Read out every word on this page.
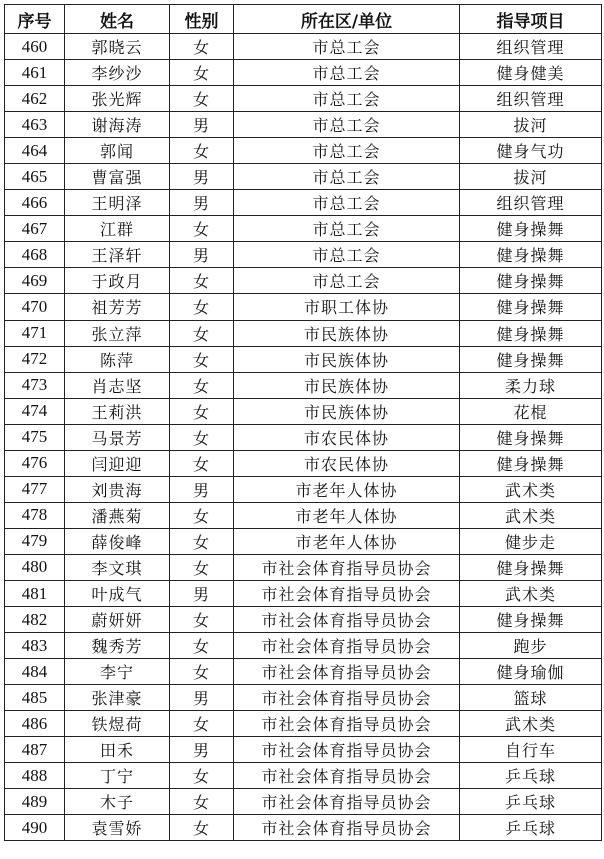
序号	姓名	性别	所在区/单位	指导项目
460	郭晓云	女	市总工会	组织管理
461	李纱沙	女	市总工会	健身健美
462	张光辉	女	市总工会	组织管理
463	谢海涛	男	市总工会	拔河
464	郭闻	女	市总工会	健身气功
465	曹富强	男	市总工会	拔河
466	王明泽	男	市总工会	组织管理
467	江群	女	市总工会	健身操舞
468	王泽轩	男	市总工会	健身操舞
469	于政月	女	市总工会	健身操舞
470	祖芳芳	女	市职工体协	健身操舞
471	张立萍	女	市民族体协	健身操舞
472	陈萍	女	市民族体协	健身操舞
473	肖志坚	女	市民族体协	柔力球
474	王莉洪	女	市民族体协	花棍
475	马景芳	女	市农民体协	健身操舞
476	闫迎迎	女	市农民体协	健身操舞
477	刘贵海	男	市老年人体协	武术类
478	潘燕菊	女	市老年人体协	武术类
479	薛俊峰	女	市老年人体协	健步走
480	李文琪	女	市社会体育指导员协会	健身操舞
481	叶成气	男	市社会体育指导员协会	武术类
482	蔚妍妍	女	市社会体育指导员协会	健身操舞
483	魏秀芳	女	市社会体育指导员协会	跑步
484	李宁	女	市社会体育指导员协会	健身瑜伽
485	张津豪	男	市社会体育指导员协会	篮球
486	铁煜荷	女	市社会体育指导员协会	武术类
487	田禾	男	市社会体育指导员协会	自行车
488	丁宁	女	市社会体育指导员协会	乒乓球
489	木子	女	市社会体育指导员协会	乒乓球
490	袁雪娇	女	市社会体育指导员协会	乒乓球
